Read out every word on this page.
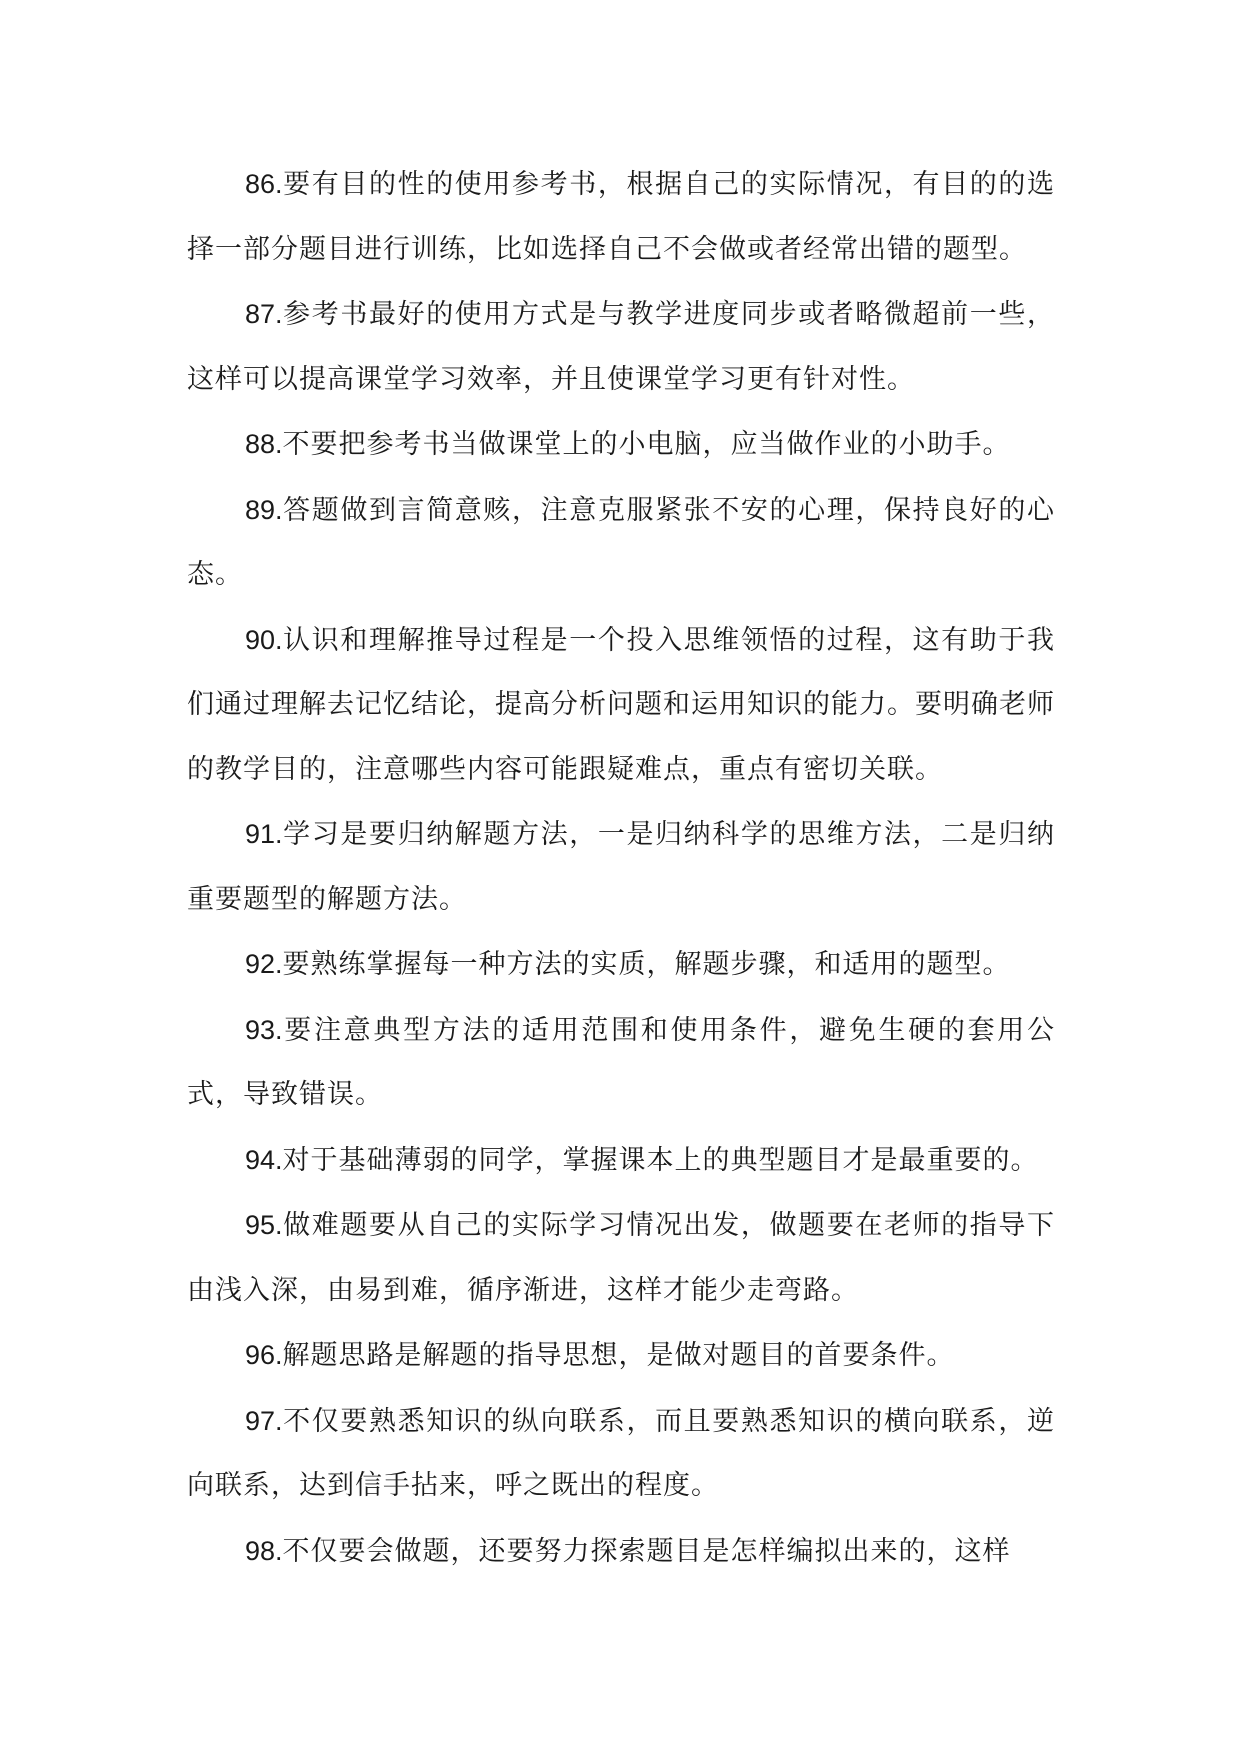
86.要有目的性的使用参考书，根据自己的实际情况，有目的的选择一部分题目进行训练，比如选择自己不会做或者经常出错的题型。

87.参考书最好的使用方式是与教学进度同步或者略微超前一些，这样可以提高课堂学习效率，并且使课堂学习更有针对性。

88.不要把参考书当做课堂上的小电脑，应当做作业的小助手。

89.答题做到言简意赅，注意克服紧张不安的心理，保持良好的心态。

90.认识和理解推导过程是一个投入思维领悟的过程，这有助于我们通过理解去记忆结论，提高分析问题和运用知识的能力。要明确老师的教学目的，注意哪些内容可能跟疑难点，重点有密切关联。

91.学习是要归纳解题方法，一是归纳科学的思维方法，二是归纳重要题型的解题方法。

92.要熟练掌握每一种方法的实质，解题步骤，和适用的题型。

93.要注意典型方法的适用范围和使用条件，避免生硬的套用公式，导致错误。

94.对于基础薄弱的同学，掌握课本上的典型题目才是最重要的。

95.做难题要从自己的实际学习情况出发，做题要在老师的指导下由浅入深，由易到难，循序渐进，这样才能少走弯路。

96.解题思路是解题的指导思想，是做对题目的首要条件。

97.不仅要熟悉知识的纵向联系，而且要熟悉知识的横向联系，逆向联系，达到信手拈来，呼之既出的程度。

98.不仅要会做题，还要努力探索题目是怎样编拟出来的，这样
